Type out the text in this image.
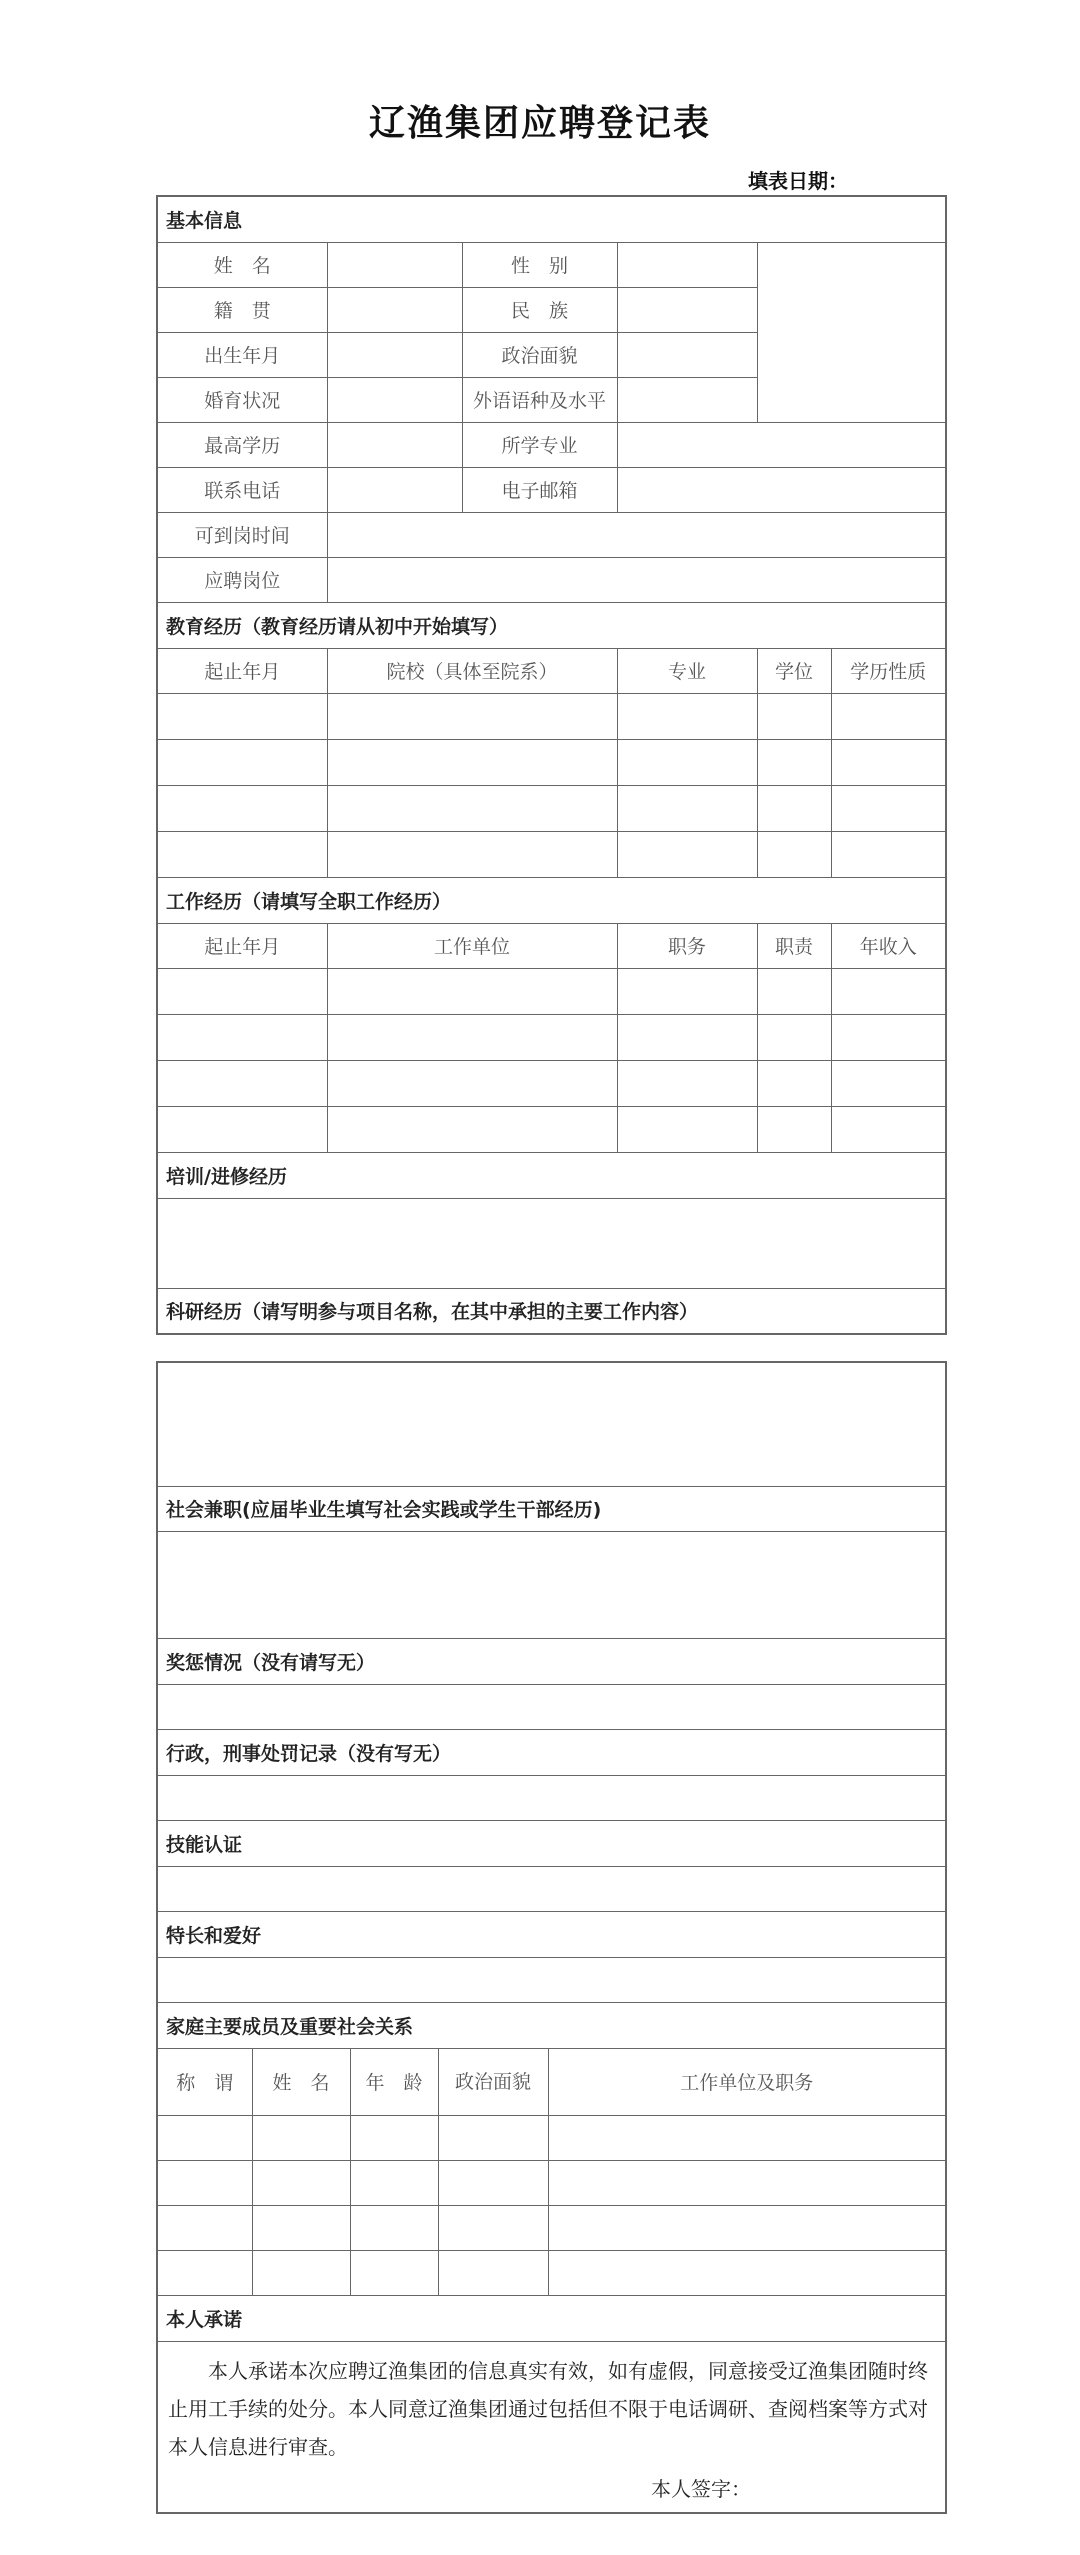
辽渔集团应聘登记表
填表日期：
基本信息					
姓　名		性　别			
籍　贯		民　族			
出生年月		政治面貌			
婚育状况		外语语种及水平			
最高学历		所学专业			
联系电话		电子邮箱			
可到岗时间					
应聘岗位					
教育经历（教育经历请从初中开始填写）					
起止年月	院校（具体至院系）		专业	学位	学历性质

工作经历（请填写全职工作经历）					
起止年月	工作单位		职务	职责	年收入

培训/进修经历					

科研经历（请写明参与项目名称，在其中承担的主要工作内容）					

社会兼职(应届毕业生填写社会实践或学生干部经历)				

奖惩情况（没有请写无）				

行政，刑事处罚记录（没有写无）				

技能认证				

特长和爱好				

家庭主要成员及重要社会关系				
称　谓	姓　名	年　龄	政治面貌	工作单位及职务

本人承诺				

本人承诺本次应聘辽渔集团的信息真实有效，如有虚假，同意接受辽渔集团随时终止用工手续的处分。本人同意辽渔集团通过包括但不限于电话调研、查阅档案等方式对本人信息进行审查。

本人签字：				
